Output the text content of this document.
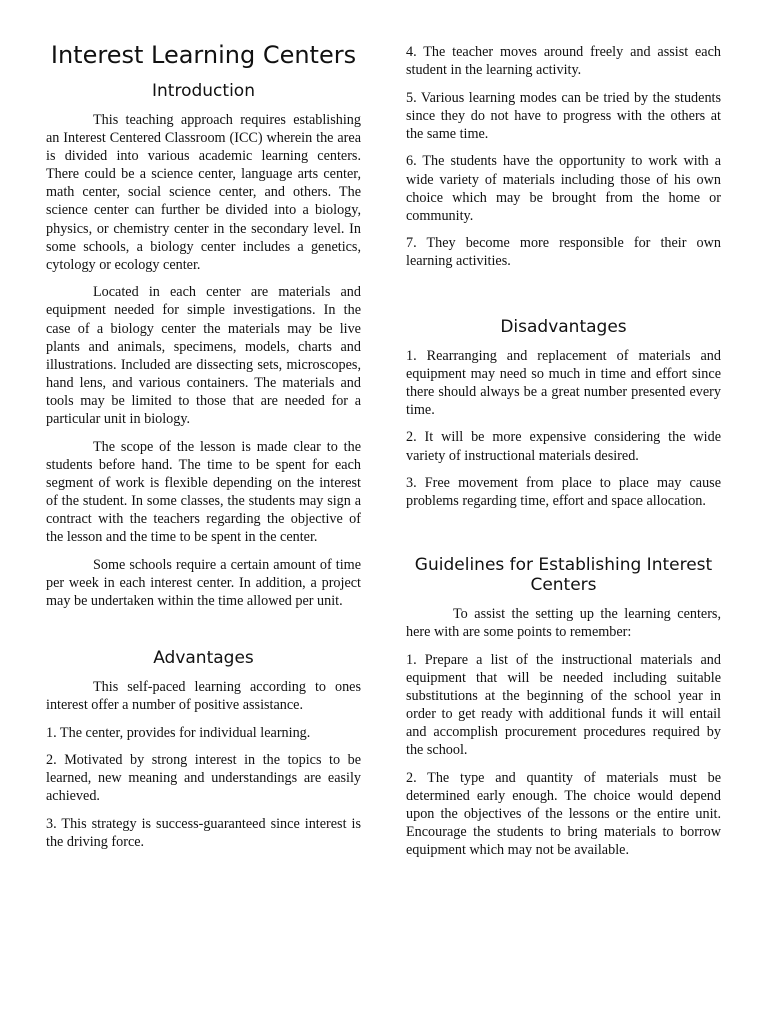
Interest Learning Centers
Introduction

This teaching approach requires establishing an Interest Centered Classroom (ICC) wherein the area is divided into various academic learning centers. There could be a science center, language arts center, math center, social science center, and others. The science center can further be divided into a biology, physics, or chemistry center in the secondary level. In some schools, a biology center includes a genetics, cytology or ecology center.

Located in each center are materials and equipment needed for simple investigations. In the case of a biology center the materials may be live plants and animals, specimens, models, charts and illustrations. Included are dissecting sets, microscopes, hand lens, and various containers. The materials and tools may be limited to those that are needed for a particular unit in biology.

The scope of the lesson is made clear to the students before hand. The time to be spent for each segment of work is flexible depending on the interest of the student. In some classes, the students may sign a contract with the teachers regarding the objective of the lesson and the time to be spent in the center.

Some schools require a certain amount of time per week in each interest center. In addition, a project may be undertaken within the time allowed per unit.

Advantages

This self-paced learning according to ones interest offer a number of positive assistance.

1. The center, provides for individual learning.

2. Motivated by strong interest in the topics to be learned, new meaning and understandings are easily achieved.

3. This strategy is success-guaranteed since interest is the driving force.

4. The teacher moves around freely and assist each student in the learning activity.

5. Various learning modes can be tried by the students since they do not have to progress with the others at the same time.

6. The students have the opportunity to work with a wide variety of materials including those of his own choice which may be brought from the home or community.

7. They become more responsible for their own learning activities.

Disadvantages

1. Rearranging and replacement of materials and equipment may need so much in time and effort since there should always be a great number presented every time.

2. It will be more expensive considering the wide variety of instructional materials desired.

3. Free movement from place to place may cause problems regarding time, effort and space allocation.

Guidelines for Establishing Interest Centers

To assist the setting up the learning centers, here with are some points to remember:

1. Prepare a list of the instructional materials and equipment that will be needed including suitable substitutions at the beginning of the school year in order to get ready with additional funds it will entail and accomplish procurement procedures required by the school.

2. The type and quantity of materials must be determined early enough. The choice would depend upon the objectives of the lessons or the entire unit. Encourage the students to bring materials to borrow equipment which may not be available.
